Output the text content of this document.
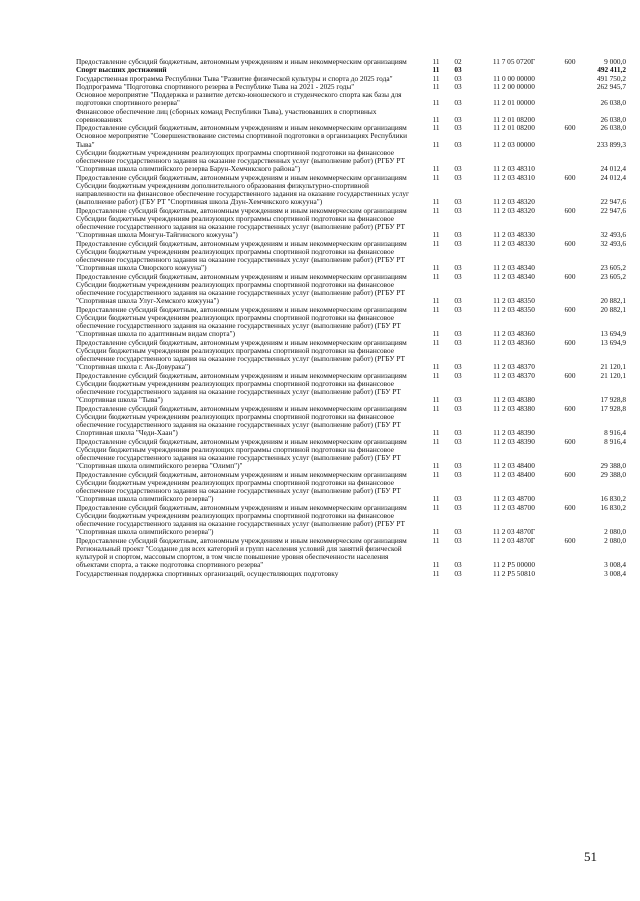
Предоставление субсидий бюджетным, автономным учреждениям и иным некоммерческим организациям	11	02	11 7 05 0720Г	600	9 000,0
Спорт высших достижений	11	03	492 411,2
Государственная программа Республики Тыва "Развитие физической культуры и спорта до 2025 года"	11	03	11 0 00 00000	491 750,2
Подпрограмма "Подготовка спортивного резерва в Республике Тыва на 2021 - 2025 годы"	11	03	11 2 00 00000	262 945,7
Основное мероприятие "Поддержка и развитие детско-юношеского и студенческого спорта как базы для подготовки спортивного резерва"	11	03	11 2 01 00000	26 038,0
Финансовое обеспечение лиц (сборных команд Республики Тыва), участвовавших в спортивных соревнованиях	11	03	11 2 01 08200	26 038,0
Предоставление субсидий бюджетным, автономным учреждениям и иным некоммерческим организациям	11	03	11 2 01 08200	600	26 038,0
Основное мероприятие "Совершенствование системы спортивной подготовки в организациях Республики Тыва"	11	03	11 2 03 00000	233 899,3
Субсидии бюджетным учреждениям реализующих программы спортивной подготовки на финансовое обеспечение государственного задания на оказание государственных услуг (выполнение работ) (РГБУ РТ "Спортивная школа олимпийского резерва Барун-Хемчикского района")	11	03	11 2 03 48310	24 012,4
Предоставление субсидий бюджетным, автономным учреждениям и иным некоммерческим организациям	11	03	11 2 03 48310	600	24 012,4
Субсидии бюджетным учреждениям дополнительного образования физкультурно-спортивной направленности на финансовое обеспечение государственного задания на оказание государственных услуг (выполнение работ) (ГБУ РТ "Спортивная школа Дзун-Хемчикского кожууна")	11	03	11 2 03 48320	22 947,6
Предоставление субсидий бюджетным, автономным учреждениям и иным некоммерческим организациям	11	03	11 2 03 48320	600	22 947,6
Субсидии бюджетным учреждениям реализующих программы спортивной подготовки на финансовое обеспечение государственного задания на оказание государственных услуг (выполнение работ) (РГБУ РТ "Спортивная школа Монгун-Тайгинского кожууна")	11	03	11 2 03 48330	32 493,6
Предоставление субсидий бюджетным, автономным учреждениям и иным некоммерческим организациям	11	03	11 2 03 48330	600	32 493,6
Субсидии бюджетным учреждениям реализующих программы спортивной подготовки на финансовое обеспечение государственного задания на оказание государственных услуг (выполнение работ) (РГБУ РТ "Спортивная школа Овюрского кожууна")	11	03	11 2 03 48340	23 605,2
Предоставление субсидий бюджетным, автономным учреждениям и иным некоммерческим организациям	11	03	11 2 03 48340	600	23 605,2
Субсидии бюджетным учреждениям реализующих программы спортивной подготовки на финансовое обеспечение государственного задания на оказание государственных услуг (выполнение работ) (РГБУ РТ "Спортивная школа Улуг-Хемского кожууна")	11	03	11 2 03 48350	20 882,1
Предоставление субсидий бюджетным, автономным учреждениям и иным некоммерческим организациям	11	03	11 2 03 48350	600	20 882,1
Субсидии бюджетным учреждениям реализующих программы спортивной подготовки на финансовое обеспечение государственного задания на оказание государственных услуг (выполнение работ) (ГБУ РТ "Спортивная школа по адаптивным видам спорта")	11	03	11 2 03 48360	13 694,9
Предоставление субсидий бюджетным, автономным учреждениям и иным некоммерческим организациям	11	03	11 2 03 48360	600	13 694,9
Субсидии бюджетным учреждениям реализующих программы спортивной подготовки на финансовое обеспечение государственного задания на оказание государственных услуг (выполнение работ) (РГБУ РТ "Спортивная школа г. Ак-Довурака")	11	03	11 2 03 48370	21 120,1
Предоставление субсидий бюджетным, автономным учреждениям и иным некоммерческим организациям	11	03	11 2 03 48370	600	21 120,1
Субсидии бюджетным учреждениям реализующих программы спортивной подготовки на финансовое обеспечение государственного задания на оказание государственных услуг (выполнение работ) (ГБУ РТ "Спортивная школа "Тыва")	11	03	11 2 03 48380	17 928,8
Предоставление субсидий бюджетным, автономным учреждениям и иным некоммерческим организациям	11	03	11 2 03 48380	600	17 928,8
Субсидии бюджетным учреждениям реализующих программы спортивной подготовки на финансовое обеспечение государственного задания на оказание государственных услуг (выполнение работ) (ГБУ РТ Спортивная школа "Чеди-Хаан")	11	03	11 2 03 48390	8 916,4
Предоставление субсидий бюджетным, автономным учреждениям и иным некоммерческим организациям	11	03	11 2 03 48390	600	8 916,4
Субсидии бюджетным учреждениям реализующих программы спортивной подготовки на финансовое обеспечение государственного задания на оказание государственных услуг (выполнение работ) (ГБУ РТ "Спортивная школа олимпийского резерва "Олимп")"	11	03	11 2 03 48400	29 388,0
Предоставление субсидий бюджетным, автономным учреждениям и иным некоммерческим организациям	11	03	11 2 03 48400	600	29 388,0
Субсидии бюджетным учреждениям реализующих программы спортивной подготовки на финансовое обеспечение государственного задания на оказание государственных услуг (выполнение работ) (ГБУ РТ "Спортивная школа олимпийского резерва")	11	03	11 2 03 48700	16 830,2
Предоставление субсидий бюджетным, автономным учреждениям и иным некоммерческим организациям	11	03	11 2 03 48700	600	16 830,2
Субсидии бюджетным учреждениям реализующих программы спортивной подготовки на финансовое обеспечение государственного задания на оказание государственных услуг (выполнение работ) (РГБУ РТ "Спортивная школа олимпийского резерва")	11	03	11 2 03 4870Г	2 080,0
Предоставление субсидий бюджетным, автономным учреждениям и иным некоммерческим организациям	11	03	11 2 03 4870Г	600	2 080,0
Региональный проект "Создание для всех категорий и групп населения условий для занятий физической культурой и спортом, массовым спортом, в том числе повышение уровня обеспеченности населения объектами спорта, а также подготовка спортивного резерва"	11	03	11 2 P5 00000	3 008,4
Государственная поддержка спортивных организаций, осуществляющих подготовку	11	03	11 2 P5 50810	3 008,4
51
